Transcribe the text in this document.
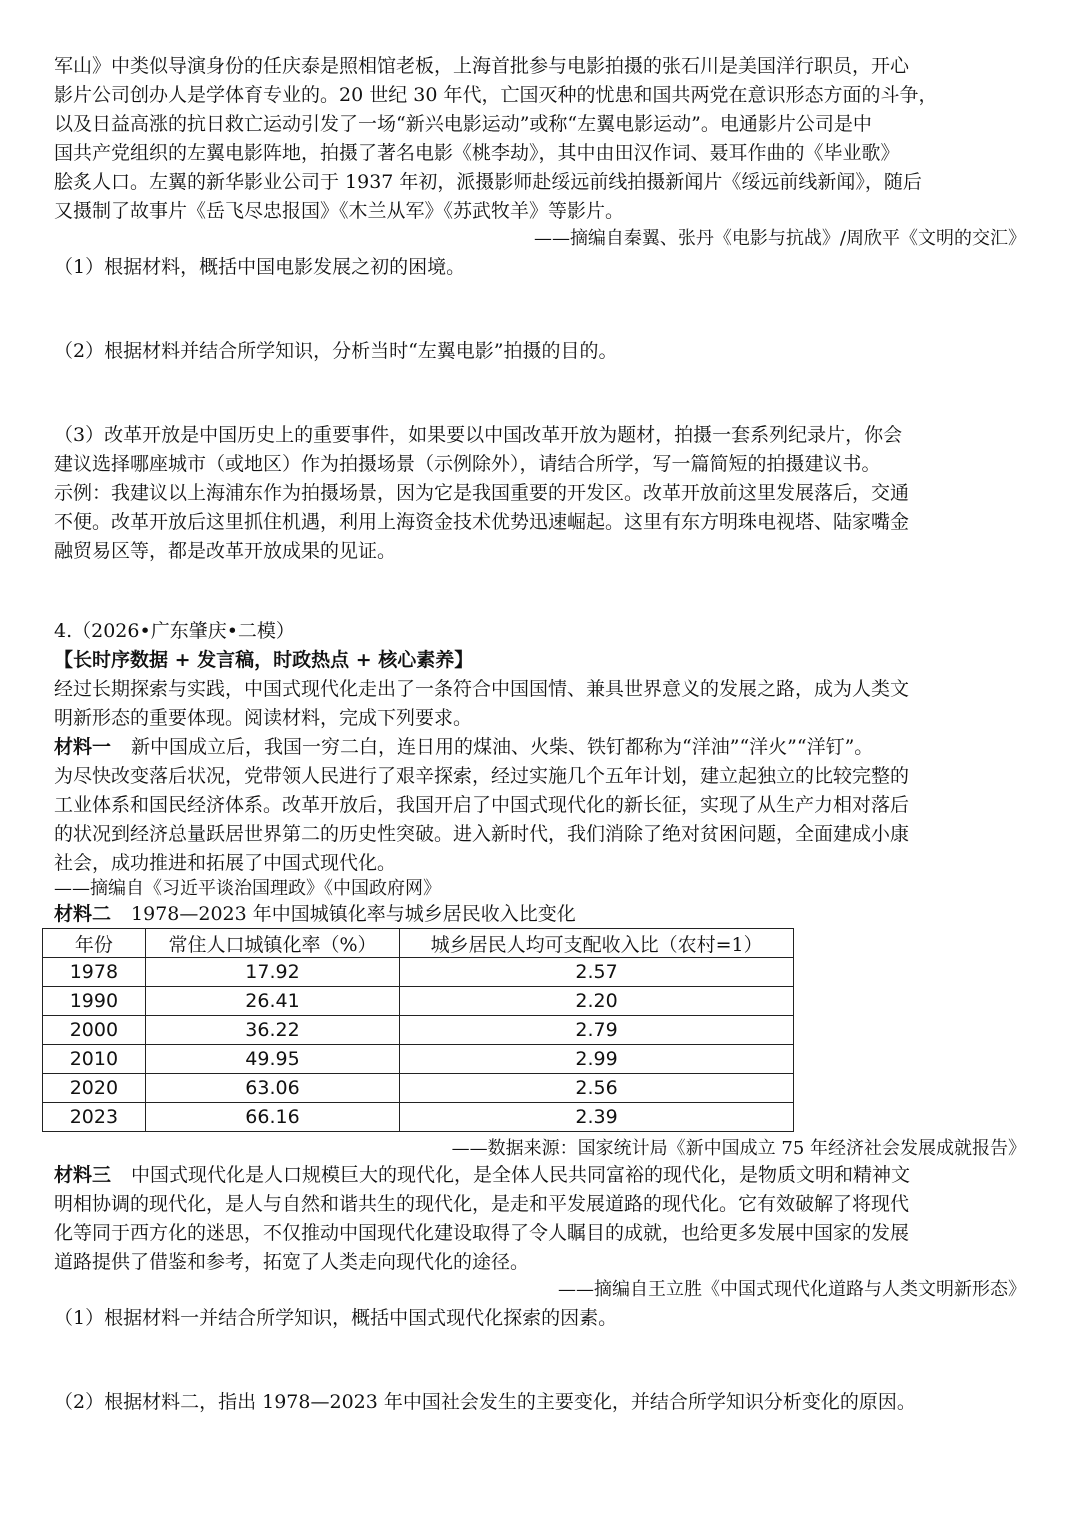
军山》中类似导演身份的任庆泰是照相馆老板，上海首批参与电影拍摄的张石川是美国洋行职员，开心
影片公司创办人是学体育专业的。20 世纪 30 年代，亡国灭种的忧患和国共两党在意识形态方面的斗争，
以及日益高涨的抗日救亡运动引发了一场“新兴电影运动”或称“左翼电影运动”。电通影片公司是中
国共产党组织的左翼电影阵地，拍摄了著名电影《桃李劫》，其中由田汉作词、聂耳作曲的《毕业歌》
脍炙人口。左翼的新华影业公司于 1937 年初，派摄影师赴绥远前线拍摄新闻片《绥远前线新闻》，随后
又摄制了故事片《岳飞尽忠报国》《木兰从军》《苏武牧羊》等影片。
——摘编自秦翼、张丹《电影与抗战》/周欣平《文明的交汇》
（1）根据材料，概括中国电影发展之初的困境。
（2）根据材料并结合所学知识，分析当时“左翼电影”拍摄的目的。
（3）改革开放是中国历史上的重要事件，如果要以中国改革开放为题材，拍摄一套系列纪录片，你会
建议选择哪座城市（或地区）作为拍摄场景（示例除外），请结合所学，写一篇简短的拍摄建议书。
示例：我建议以上海浦东作为拍摄场景，因为它是我国重要的开发区。改革开放前这里发展落后，交通
不便。改革开放后这里抓住机遇，利用上海资金技术优势迅速崛起。这里有东方明珠电视塔、陆家嘴金
融贸易区等，都是改革开放成果的见证。
4.（2026•广东肇庆•二模）
【长时序数据 + 发言稿，时政热点 + 核心素养】
经过长期探索与实践，中国式现代化走出了一条符合中国国情、兼具世界意义的发展之路，成为人类文
明新形态的重要体现。阅读材料，完成下列要求。
材料一 新中国成立后，我国一穷二白，连日用的煤油、火柴、铁钉都称为“洋油”“洋火”“洋钉”。
为尽快改变落后状况，党带领人民进行了艰辛探索，经过实施几个五年计划，建立起独立的比较完整的
工业体系和国民经济体系。改革开放后，我国开启了中国式现代化的新长征，实现了从生产力相对落后
的状况到经济总量跃居世界第二的历史性突破。进入新时代，我们消除了绝对贫困问题，全面建成小康
社会，成功推进和拓展了中国式现代化。
——摘编自《习近平谈治国理政》《中国政府网》
材料二 1978—2023 年中国城镇化率与城乡居民收入比变化
年份	常住人口城镇化率（%）	城乡居民人均可支配收入比（农村=1）
1978	17.92	2.57
1990	26.41	2.20
2000	36.22	2.79
2010	49.95	2.99
2020	63.06	2.56
2023	66.16	2.39
——数据来源：国家统计局《新中国成立 75 年经济社会发展成就报告》
材料三 中国式现代化是人口规模巨大的现代化，是全体人民共同富裕的现代化，是物质文明和精神文
明相协调的现代化，是人与自然和谐共生的现代化，是走和平发展道路的现代化。它有效破解了将现代
化等同于西方化的迷思，不仅推动中国现代化建设取得了令人瞩目的成就，也给更多发展中国家的发展
道路提供了借鉴和参考，拓宽了人类走向现代化的途径。
——摘编自王立胜《中国式现代化道路与人类文明新形态》
（1）根据材料一并结合所学知识，概括中国式现代化探索的因素。
（2）根据材料二，指出 1978—2023 年中国社会发生的主要变化，并结合所学知识分析变化的原因。
